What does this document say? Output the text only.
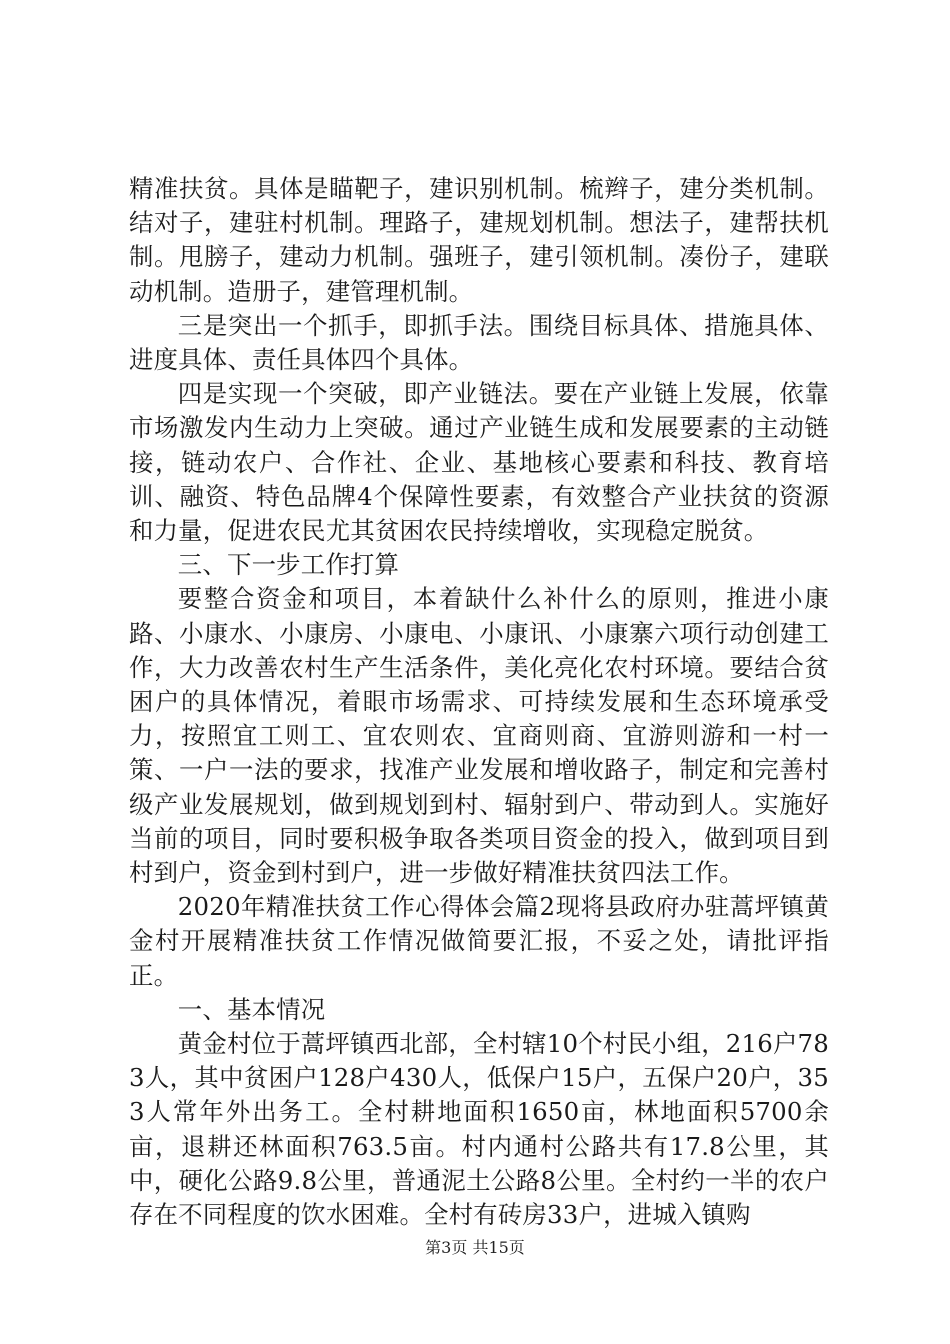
精准扶贫。具体是瞄靶子，建识别机制。梳辫子，建分类机制。结对子，建驻村机制。理路子，建规划机制。想法子，建帮扶机制。甩膀子，建动力机制。强班子，建引领机制。凑份子，建联动机制。造册子，建管理机制。

三是突出一个抓手，即抓手法。围绕目标具体、措施具体、进度具体、责任具体四个具体。

四是实现一个突破，即产业链法。要在产业链上发展，依靠市场激发内生动力上突破。通过产业链生成和发展要素的主动链接，链动农户、合作社、企业、基地核心要素和科技、教育培训、融资、特色品牌4个保障性要素，有效整合产业扶贫的资源和力量，促进农民尤其贫困农民持续增收，实现稳定脱贫。

三、下一步工作打算

要整合资金和项目，本着缺什么补什么的原则，推进小康路、小康水、小康房、小康电、小康讯、小康寨六项行动创建工作，大力改善农村生产生活条件，美化亮化农村环境。要结合贫困户的具体情况，着眼市场需求、可持续发展和生态环境承受力，按照宜工则工、宜农则农、宜商则商、宜游则游和一村一策、一户一法的要求，找准产业发展和增收路子，制定和完善村级产业发展规划，做到规划到村、辐射到户、带动到人。实施好当前的项目，同时要积极争取各类项目资金的投入，做到项目到村到户，资金到村到户，进一步做好精准扶贫四法工作。

2020年精准扶贫工作心得体会篇2现将县政府办驻蒿坪镇黄金村开展精准扶贫工作情况做简要汇报，不妥之处，请批评指正。

一、基本情况

黄金村位于蒿坪镇西北部，全村辖10个村民小组，216户783人，其中贫困户128户430人，低保户15户，五保户20户，353人常年外出务工。全村耕地面积1650亩，林地面积5700余亩，退耕还林面积763.5亩。村内通村公路共有17.8公里，其中，硬化公路9.8公里，普通泥土公路8公里。全村约一半的农户存在不同程度的饮水困难。全村有砖房33户，进城入镇购

第3页 共15页
